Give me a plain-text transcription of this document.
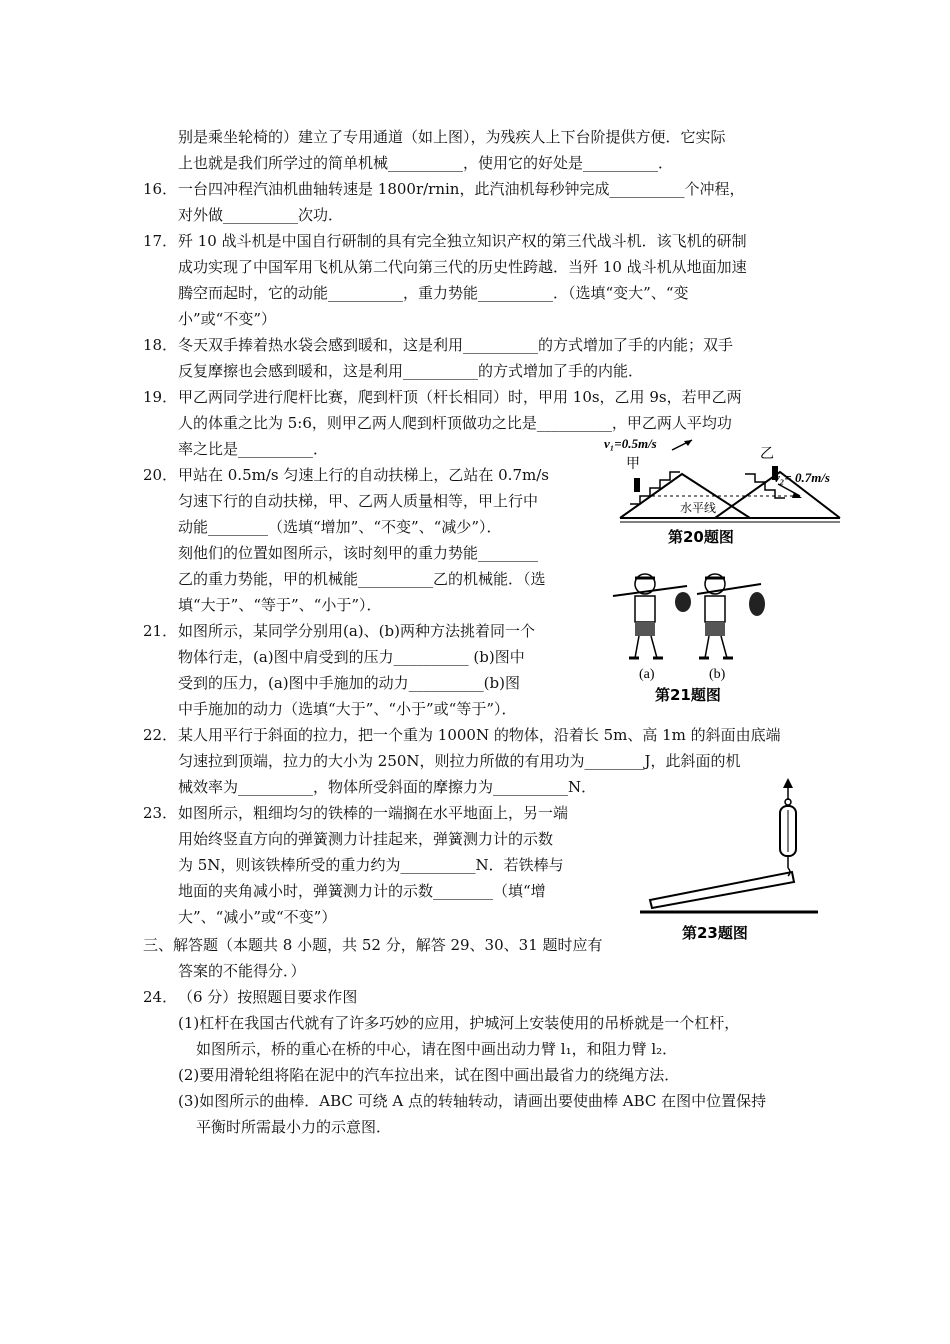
别是乘坐轮椅的）建立了专用通道（如上图），为残疾人上下台阶提供方便．它实际
上也就是我们所学过的简单机械__________，使用它的好处是__________．
16． 一台四冲程汽油机曲轴转速是 1800r/rnin，此汽油机每秒钟完成__________个冲程，
对外做__________次功．
17． 歼 10 战斗机是中国自行研制的具有完全独立知识产权的第三代战斗机．该飞机的研制
成功实现了中国军用飞机从第二代向第三代的历史性跨越．当歼 10 战斗机从地面加速
腾空而起时，它的动能__________，重力势能__________．（选填“变大”、“变
小”或“不变”）
18． 冬天双手捧着热水袋会感到暖和，这是利用__________的方式增加了手的内能；双手
反复摩擦也会感到暖和，这是利用__________的方式增加了手的内能．
19． 甲乙两同学进行爬杆比赛，爬到杆顶（杆长相同）时，甲用 10s，乙用 9s，若甲乙两
人的体重之比为 5:6，则甲乙两人爬到杆顶做功之比是__________，甲乙两人平均功
率之比是__________．
20． 甲站在 0.5m/s 匀速上行的自动扶梯上，乙站在 0.7m/s
匀速下行的自动扶梯，甲、乙两人质量相等，甲上行中
动能________（选填“增加”、“不变”、“减少”）．
刻他们的位置如图所示，该时刻甲的重力势能________
乙的重力势能，甲的机械能__________乙的机械能．（选
填“大于”、“等于”、“小于”）．
v₁=0.5m/s
乙
甲
水平线
v₂= 0.7m/s
第20题图
21． 如图所示，某同学分别用(a)、(b)两种方法挑着同一个
物体行走，(a)图中肩受到的压力__________ (b)图中
受到的压力，(a)图中手施加的动力__________(b)图
中手施加的动力（选填“大于”、“小于”或“等于”）．
(a)	(b)
第21题图
22． 某人用平行于斜面的拉力，把一个重为 1000N 的物体，沿着长 5m、高 1m 的斜面由底端
匀速拉到顶端，拉力的大小为 250N，则拉力所做的有用功为________J，此斜面的机
械效率为__________，物体所受斜面的摩擦力为__________N．
23． 如图所示，粗细均匀的铁棒的一端搁在水平地面上，另一端
用始终竖直方向的弹簧测力计挂起来，弹簧测力计的示数
为 5N，则该铁棒所受的重力约为__________N．若铁棒与
地面的夹角减小时，弹簧测力计的示数________（填“增
大”、“减小”或“不变”）
第23题图
三、解答题（本题共 8 小题，共 52 分，解答 29、30、31 题时应有
答案的不能得分．）
24． （6 分）按照题目要求作图
(1)杠杆在我国古代就有了许多巧妙的应用，护城河上安装使用的吊桥就是一个杠杆，
如图所示，桥的重心在桥的中心，请在图中画出动力臂 l₁，和阻力臂 l₂．
(2)要用滑轮组将陷在泥中的汽车拉出来，试在图中画出最省力的绕绳方法．
(3)如图所示的曲棒．ABC 可绕 A 点的转轴转动，请画出要使曲棒 ABC 在图中位置保持
平衡时所需最小力的示意图．
